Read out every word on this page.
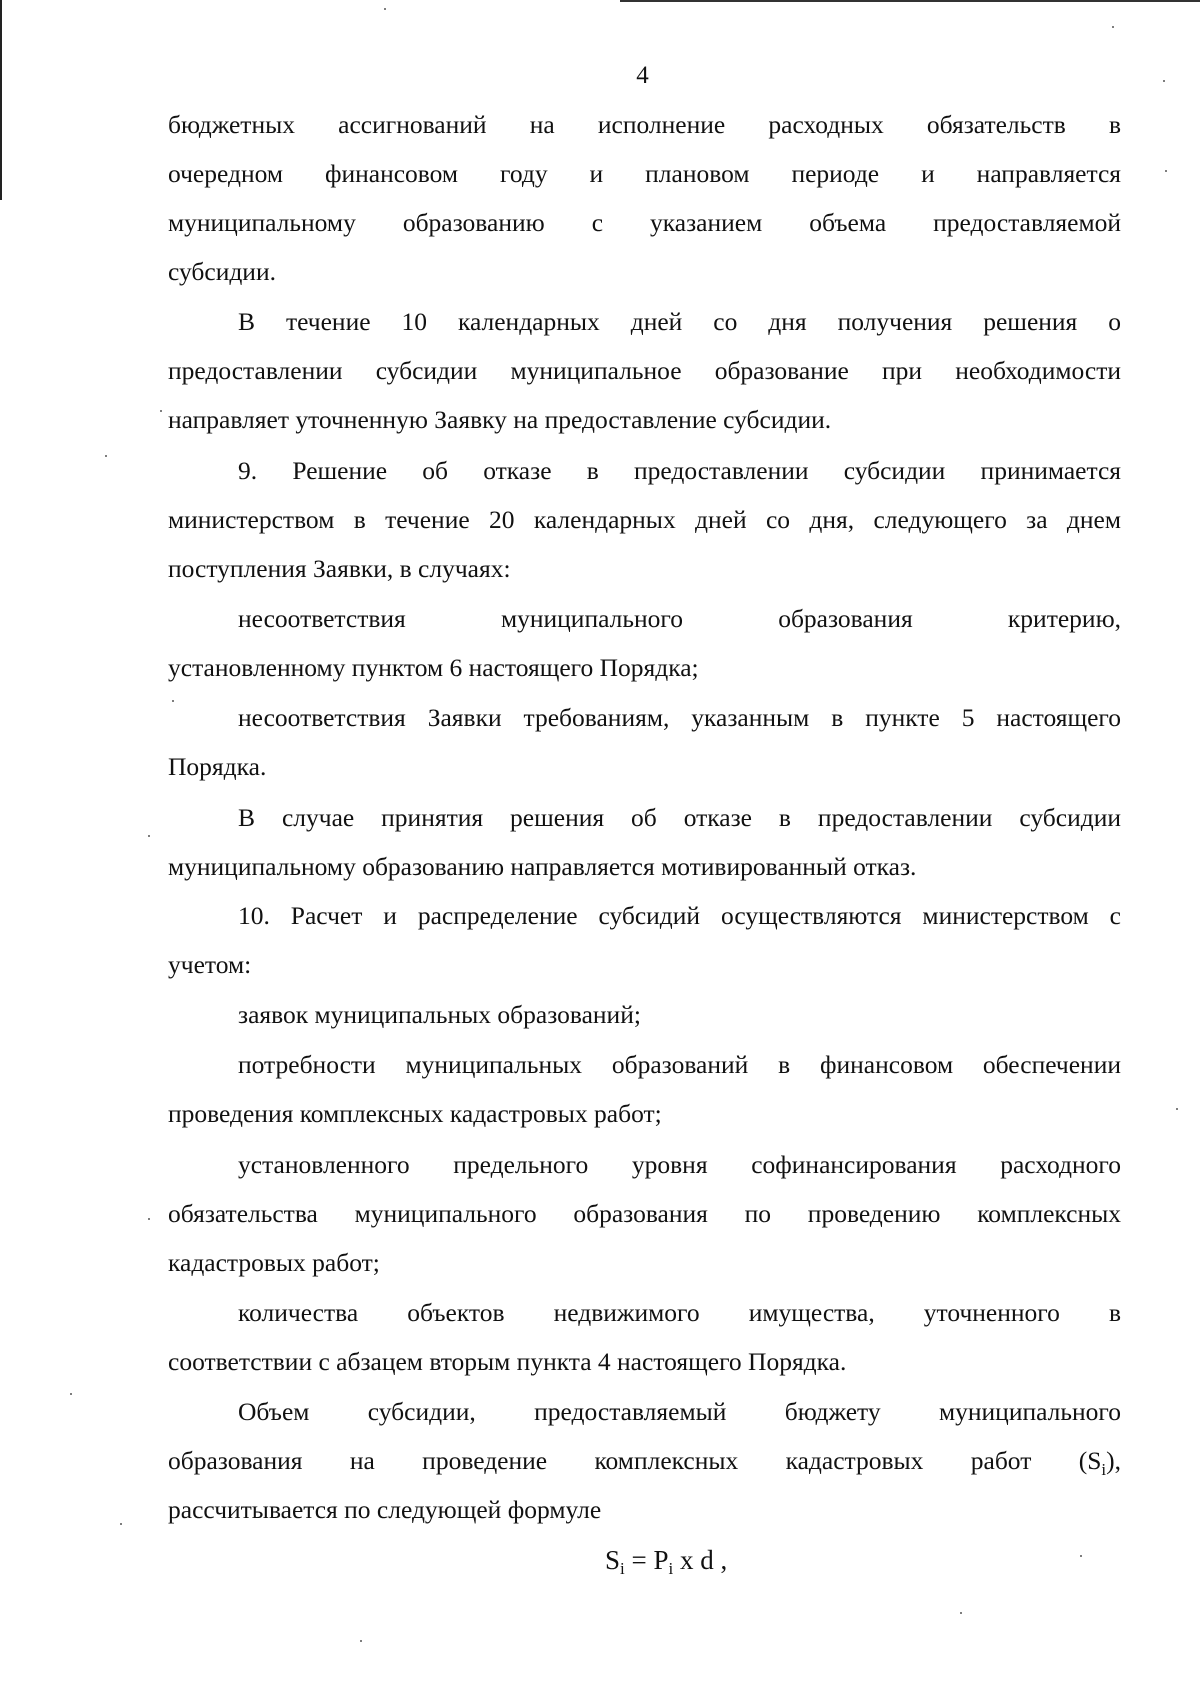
4
бюджетных ассигнований на исполнение расходных обязательств в
очередном финансовом году и плановом периоде и направляется
муниципальному образованию с указанием объема предоставляемой
субсидии.
В течение 10 календарных дней со дня получения решения о
предоставлении субсидии муниципальное образование при необходимости
направляет уточненную Заявку на предоставление субсидии.
9. Решение об отказе в предоставлении субсидии принимается
министерством в течение 20 календарных дней со дня, следующего за днем
поступления Заявки, в случаях:
несоответствия муниципального образования критерию,
установленному пунктом 6 настоящего Порядка;
несоответствия Заявки требованиям, указанным в пункте 5 настоящего
Порядка.
В случае принятия решения об отказе в предоставлении субсидии
муниципальному образованию направляется мотивированный отказ.
10. Расчет и распределение субсидий осуществляются министерством с
учетом:
заявок муниципальных образований;
потребности муниципальных образований в финансовом обеспечении
проведения комплексных кадастровых работ;
установленного предельного уровня софинансирования расходного
обязательства муниципального образования по проведению комплексных
кадастровых работ;
количества объектов недвижимого имущества, уточненного в
соответствии с абзацем вторым пункта 4 настоящего Порядка.
Объем субсидии, предоставляемый бюджету муниципального
образования на проведение комплексных кадастровых работ $(S_i)$,
рассчитывается по следующей формуле
$S_i = P_i$ x d ,
